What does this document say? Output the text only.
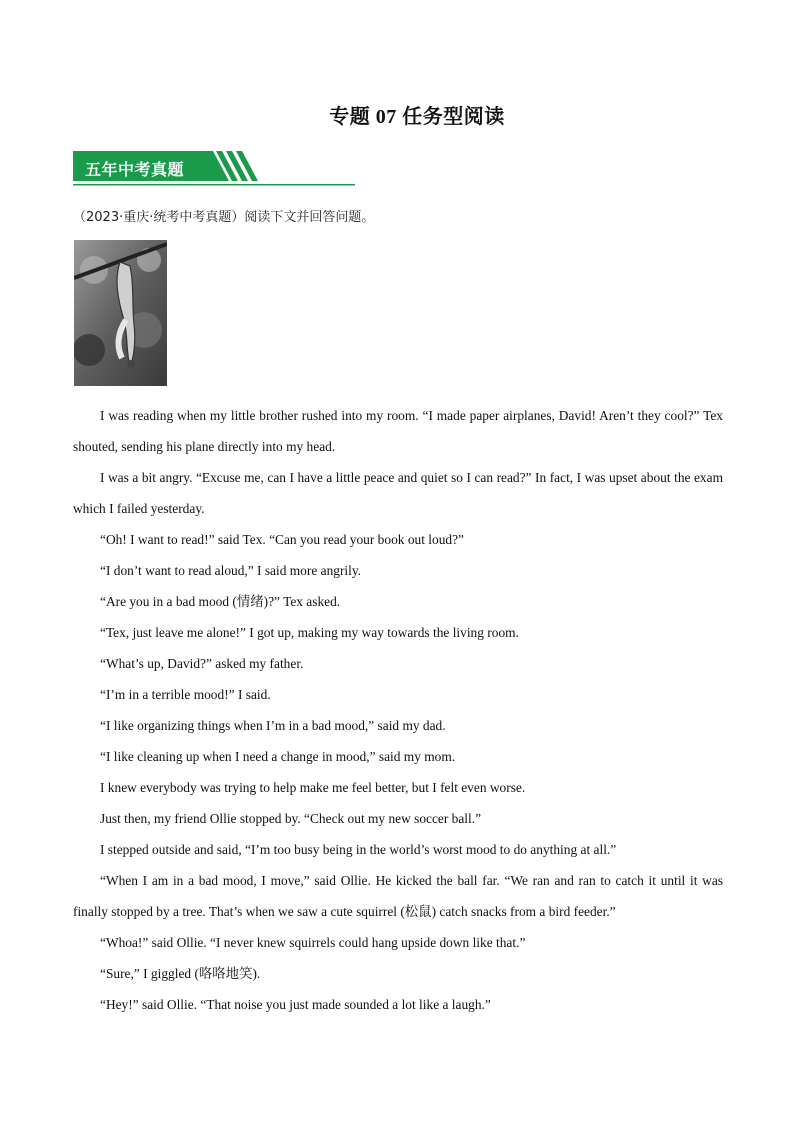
专题 07 任务型阅读
五年中考真题
（2023·重庆·统考中考真题）阅读下文并回答问题。

I was reading when my little brother rushed into my room. “I made paper airplanes, David! Aren’t they cool?” Tex shouted, sending his plane directly into my head.

I was a bit angry. “Excuse me, can I have a little peace and quiet so I can read?” In fact, I was upset about the exam which I failed yesterday.

“Oh! I want to read!” said Tex. “Can you read your book out loud?”

“I don’t want to read aloud,” I said more angrily.

“Are you in a bad mood (情绪)?” Tex asked.

“Tex, just leave me alone!” I got up, making my way towards the living room.

“What’s up, David?” asked my father.

“I’m in a terrible mood!” I said.

“I like organizing things when I’m in a bad mood,” said my dad.

“I like cleaning up when I need a change in mood,” said my mom.

I knew everybody was trying to help make me feel better, but I felt even worse.

Just then, my friend Ollie stopped by. “Check out my new soccer ball.”

I stepped outside and said, “I’m too busy being in the world’s worst mood to do anything at all.”

“When I am in a bad mood, I move,” said Ollie. He kicked the ball far. “We ran and ran to catch it until it was finally stopped by a tree. That’s when we saw a cute squirrel (松鼠) catch snacks from a bird feeder.”

“Whoa!” said Ollie. “I never knew squirrels could hang upside down like that.”

“Sure,” I giggled (咯咯地笑).

“Hey!” said Ollie. “That noise you just made sounded a lot like a laugh.”
